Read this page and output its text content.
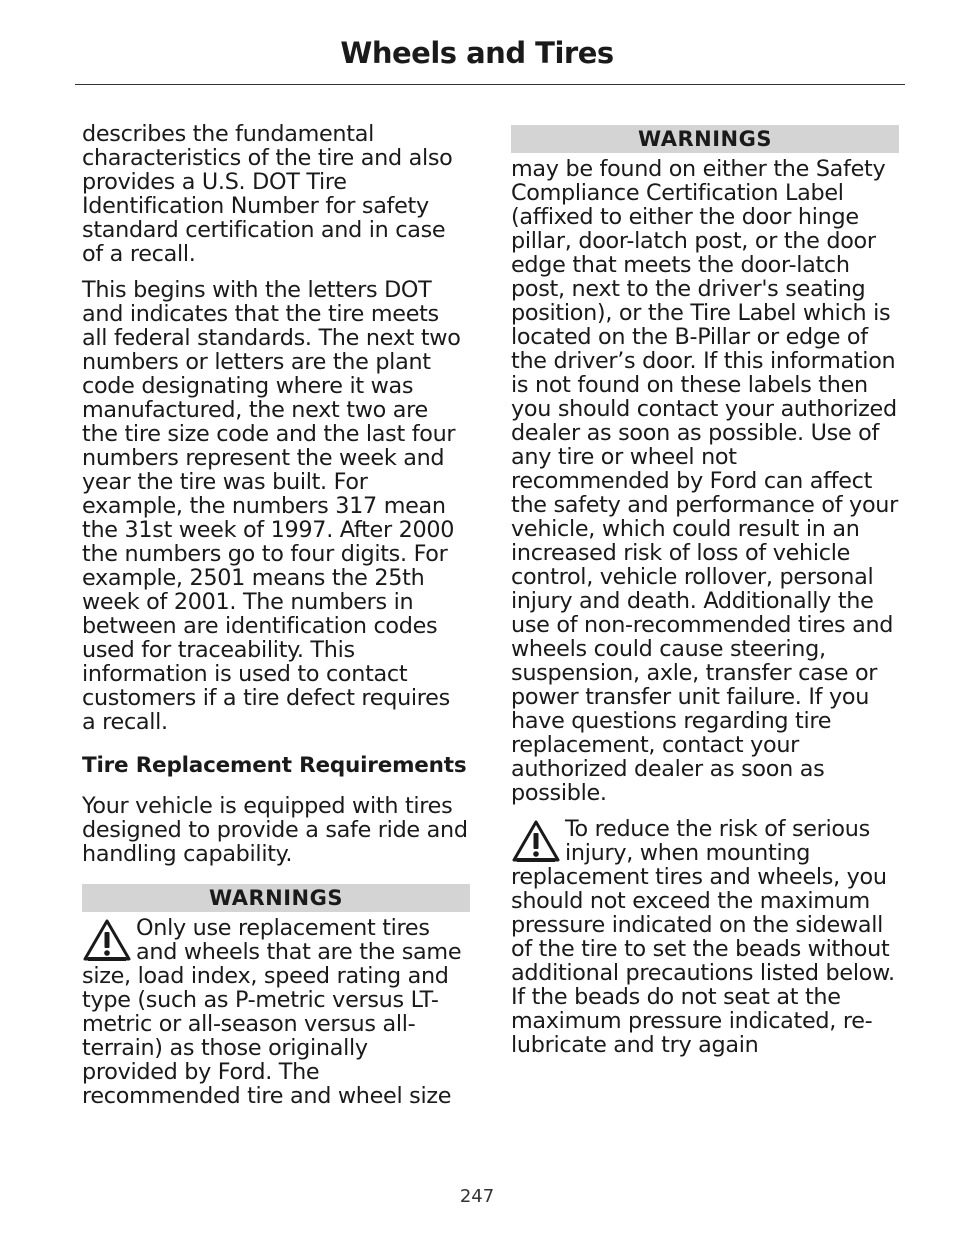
Wheels and Tires

describes the fundamental characteristics of the tire and also provides a U.S. DOT Tire Identification Number for safety standard certification and in case of a recall.

This begins with the letters DOT and indicates that the tire meets all federal standards. The next two numbers or letters are the plant code designating where it was manufactured, the next two are the tire size code and the last four numbers represent the week and year the tire was built. For example, the numbers 317 mean the 31st week of 1997. After 2000 the numbers go to four digits. For example, 2501 means the 25th week of 2001. The numbers in between are identification codes used for traceability. This information is used to contact customers if a tire defect requires a recall.

Tire Replacement Requirements

Your vehicle is equipped with tires designed to provide a safe ride and handling capability.

WARNINGS
Only use replacement tires and wheels that are the same size, load index, speed rating and type (such as P-metric versus LT-metric or all-season versus all-terrain) as those originally provided by Ford. The recommended tire and wheel size
WARNINGS

may be found on either the Safety Compliance Certification Label (affixed to either the door hinge pillar, door-latch post, or the door edge that meets the door-latch post, next to the driver's seating position), or the Tire Label which is located on the B-Pillar or edge of the driver’s door. If this information is not found on these labels then you should contact your authorized dealer as soon as possible. Use of any tire or wheel not recommended by Ford can affect the safety and performance of your vehicle, which could result in an increased risk of loss of vehicle control, vehicle rollover, personal injury and death. Additionally the use of non-recommended tires and wheels could cause steering, suspension, axle, transfer case or power transfer unit failure. If you have questions regarding tire replacement, contact your authorized dealer as soon as possible.

To reduce the risk of serious injury, when mounting replacement tires and wheels, you should not exceed the maximum pressure indicated on the sidewall of the tire to set the beads without additional precautions listed below. If the beads do not seat at the maximum pressure indicated, re-lubricate and try again
247
